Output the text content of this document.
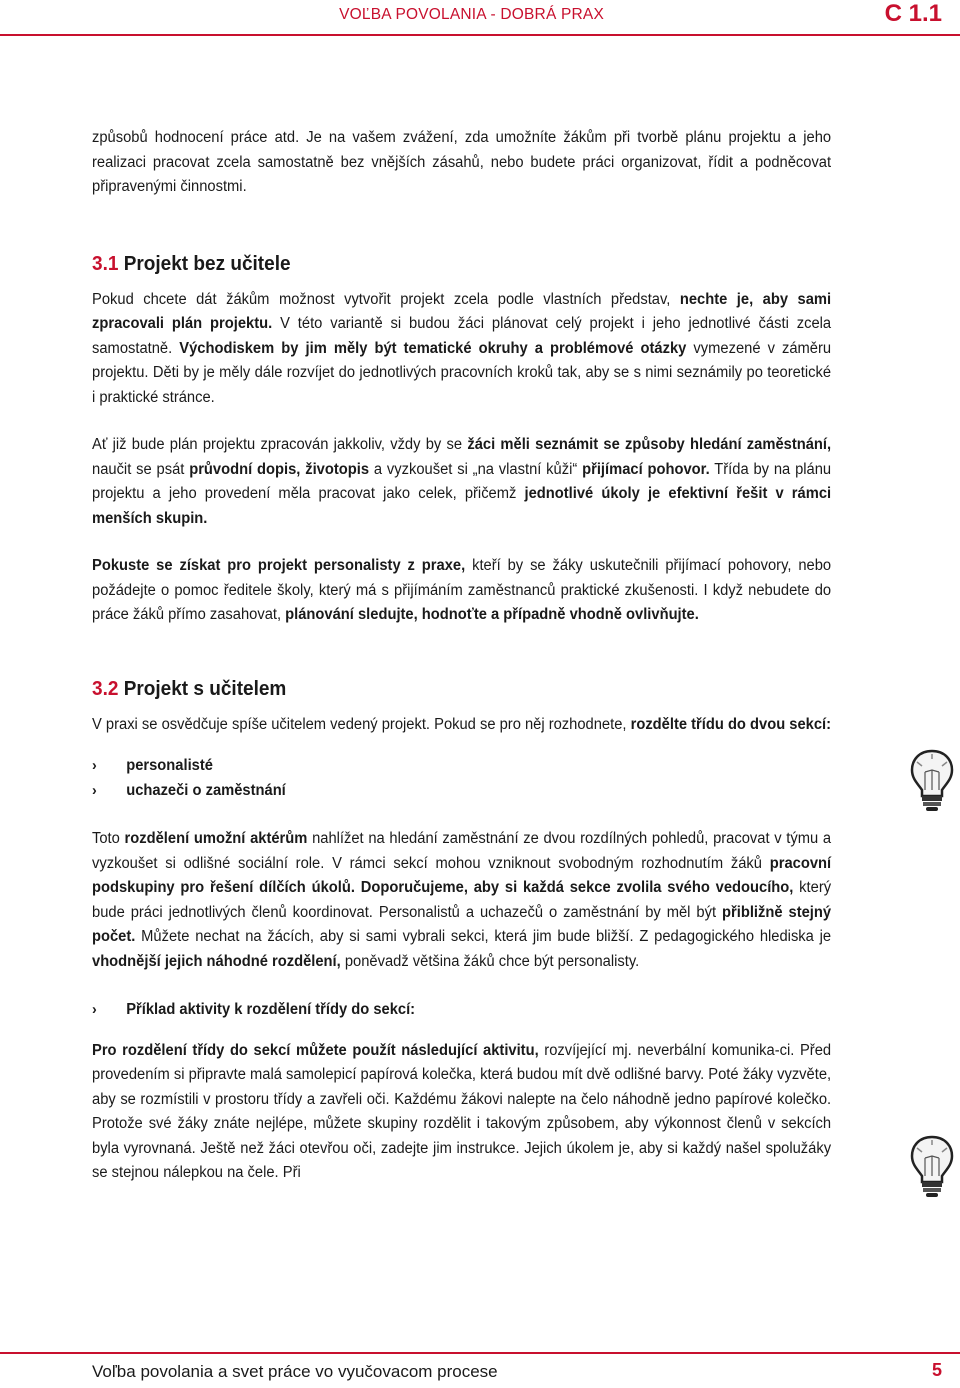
VOĽBA POVOLANIA - DOBRÁ PRAX	C 1.1

způsobů hodnocení práce atd. Je na vašem zvážení, zda umožníte žákům při tvorbě plánu projektu a jeho realizaci pracovat zcela samostatně bez vnějších zásahů, nebo budete práci organizovat, řídit a podněcovat připravenými činnostmi.

3.1 Projekt bez učitele

Pokud chcete dát žákům možnost vytvořit projekt zcela podle vlastních představ, nechte je, aby sami zpracovali plán projektu. V této variantě si budou žáci plánovat celý projekt i jeho jednotlivé části zcela samostatně. Východiskem by jim měly být tematické okruhy a problémové otázky vymezené v záměru projektu. Děti by je měly dále rozvíjet do jednotlivých pracovních kroků tak, aby se s nimi seznámily po teoretické i praktické stránce.

Ať již bude plán projektu zpracován jakkoliv, vždy by se žáci měli seznámit se způsoby hledání zaměstnání, naučit se psát průvodní dopis, životopis a vyzkoušet si „na vlastní kůži“ přijímací pohovor. Třída by na plánu projektu a jeho provedení měla pracovat jako celek, přičemž jednotlivé úkoly je efektivní řešit v rámci menších skupin.

Pokuste se získat pro projekt personalisty z praxe, kteří by se žáky uskutečnili přijímací pohovory, nebo požádejte o pomoc ředitele školy, který má s přijímáním zaměstnanců praktické zkušenosti. I když nebudete do práce žáků přímo zasahovat, plánování sledujte, hodnoťte a případně vhodně ovlivňujte.

3.2 Projekt s učitelem

V praxi se osvědčuje spíše učitelem vedený projekt. Pokud se pro něj rozhodnete, rozdělte třídu do dvou sekcí:

› personalisté
› uchazeči o zaměstnání

Toto rozdělení umožní aktérům nahlížet na hledání zaměstnání ze dvou rozdílných pohledů, pracovat v týmu a vyzkoušet si odlišné sociální role. V rámci sekcí mohou vzniknout svobodným rozhodnutím žáků pracovní podskupiny pro řešení dílčích úkolů. Doporučujeme, aby si každá sekce zvolila svého vedoucího, který bude práci jednotlivých členů koordinovat. Personalistů a uchazečů o zaměstnání by měl být přibližně stejný počet. Můžete nechat na žácích, aby si sami vybrali sekci, která jim bude bližší. Z pedagogického hlediska je vhodnější jejich náhodné rozdělení, poněvadž většina žáků chce být personalisty.

› Příklad aktivity k rozdělení třídy do sekcí:

Pro rozdělení třídy do sekcí můžete použít následující aktivitu, rozvíjející mj. neverbální komunika-ci. Před provedením si připravte malá samolepicí papírová kolečka, která budou mít dvě odlišné barvy. Poté žáky vyzvěte, aby se rozmístili v prostoru třídy a zavřeli oči. Každému žákovi nalepte na čelo náhodně jedno papírové kolečko. Protože své žáky znáte nejlépe, můžete skupiny rozdělit i takovým způsobem, aby výkonnost členů v sekcích byla vyrovnaná. Ještě než žáci otevřou oči, zadejte jim instrukce. Jejich úkolem je, aby si každý našel spolužáky se stejnou nálepkou na čele. Při

Voľba povolania a svet práce vo vyučovacom procese	5
